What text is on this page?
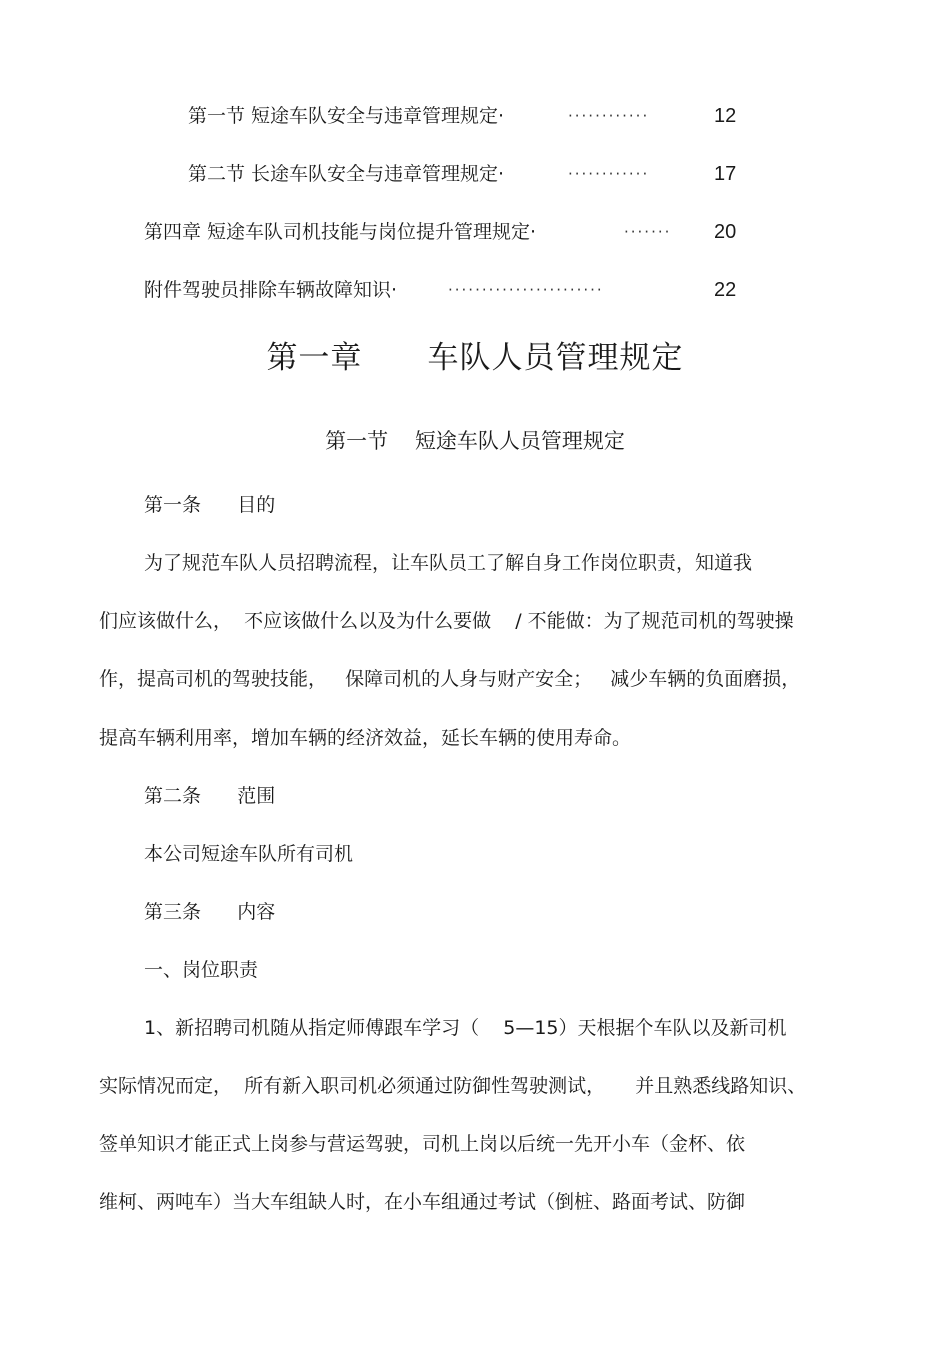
第一节 短途车队安全与违章管理规定·	············	12
第二节 长途车队安全与违章管理规定·	············	17
第四章 短途车队司机技能与岗位提升管理规定·	······· 20
附件驾驶员排除车辆故障知识·	·······················	22
第一章      车队人员管理规定
第一节    短途车队人员管理规定
第一条      目的
为了规范车队人员招聘流程，让车队员工了解自身工作岗位职责，知道我
们应该做什么，  不应该做什么以及为什么要做    / 不能做：为了规范司机的驾驶操
作，提高司机的驾驶技能，   保障司机的人身与财产安全；   减少车辆的负面磨损，
提高车辆利用率，增加车辆的经济效益，延长车辆的使用寿命。
第二条      范围
本公司短途车队所有司机
第三条      内容
一、岗位职责
1、新招聘司机随从指定师傅跟车学习（    5—15）天根据个车队以及新司机
实际情况而定，  所有新入职司机必须通过防御性驾驶测试，     并且熟悉线路知识、
签单知识才能正式上岗参与营运驾驶，司机上岗以后统一先开小车（金杯、依
维柯、两吨车）当大车组缺人时，在小车组通过考试（倒桩、路面考试、防御
